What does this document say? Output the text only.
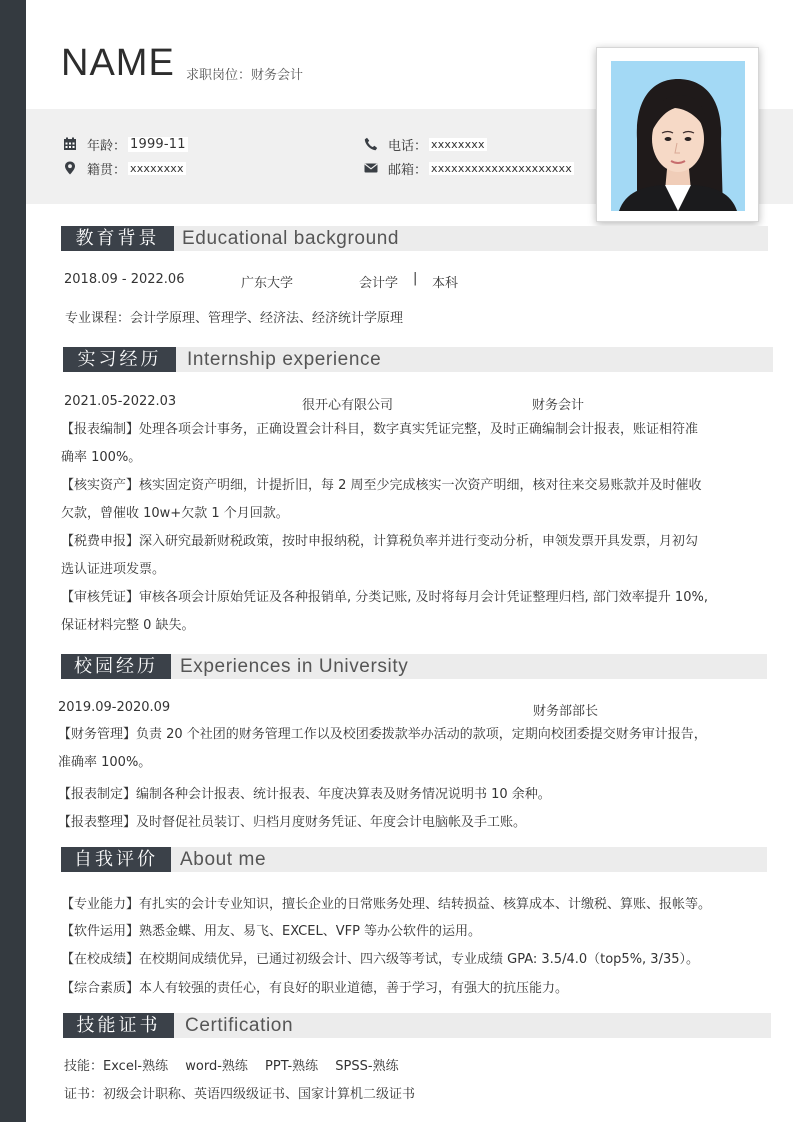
NAME 求职岗位：财务会计
年龄： 1999-11
籍贯： xxxxxxxx
电话： xxxxxxxx
邮箱： xxxxxxxxxxxxxxxxxxxxx
教育背景	Educational background
2018.09 - 2022.06	广东大学	会计学 | 本科
专业课程：会计学原理、管理学、经济法、经济统计学原理
实习经历	Internship experience
2021.05-2022.03	很开心有限公司	财务会计
【报表编制】处理各项会计事务，正确设置会计科目，数字真实凭证完整，及时正确编制会计报表，账证相符准
确率 100%。
【核实资产】核实固定资产明细，计提折旧，每 2 周至少完成核实一次资产明细，核对往来交易账款并及时催收
欠款，曾催收 10w+欠款 1 个月回款。
【税费申报】深入研究最新财税政策，按时申报纳税，计算税负率并进行变动分析，申领发票开具发票，月初勾
选认证进项发票。
【审核凭证】审核各项会计原始凭证及各种报销单, 分类记账, 及时将每月会计凭证整理归档, 部门效率提升 10%,
保证材料完整 0 缺失。
校园经历	Experiences in University
2019.09-2020.09	财务部部长
【财务管理】负责 20 个社团的财务管理工作以及校团委拨款举办活动的款项，定期向校团委提交财务审计报告，
准确率 100%。
【报表制定】编制各种会计报表、统计报表、年度决算表及财务情况说明书 10 余种。
【报表整理】及时督促社员装订、归档月度财务凭证、年度会计电脑帐及手工账。
自我评价	About me
【专业能力】有扎实的会计专业知识，擅长企业的日常账务处理、结转损益、核算成本、计缴税、算账、报帐等。
【软件运用】熟悉金蝶、用友、易飞、EXCEL、VFP 等办公软件的运用。
【在校成绩】在校期间成绩优异，已通过初级会计、四六级等考试，专业成绩 GPA: 3.5/4.0（top5%, 3/35）。
【综合素质】本人有较强的责任心，有良好的职业道德，善于学习，有强大的抗压能力。
技能证书	Certification
技能：Excel-熟练　 word-熟练　 PPT-熟练　 SPSS-熟练
证书：初级会计职称、英语四级级证书、国家计算机二级证书
